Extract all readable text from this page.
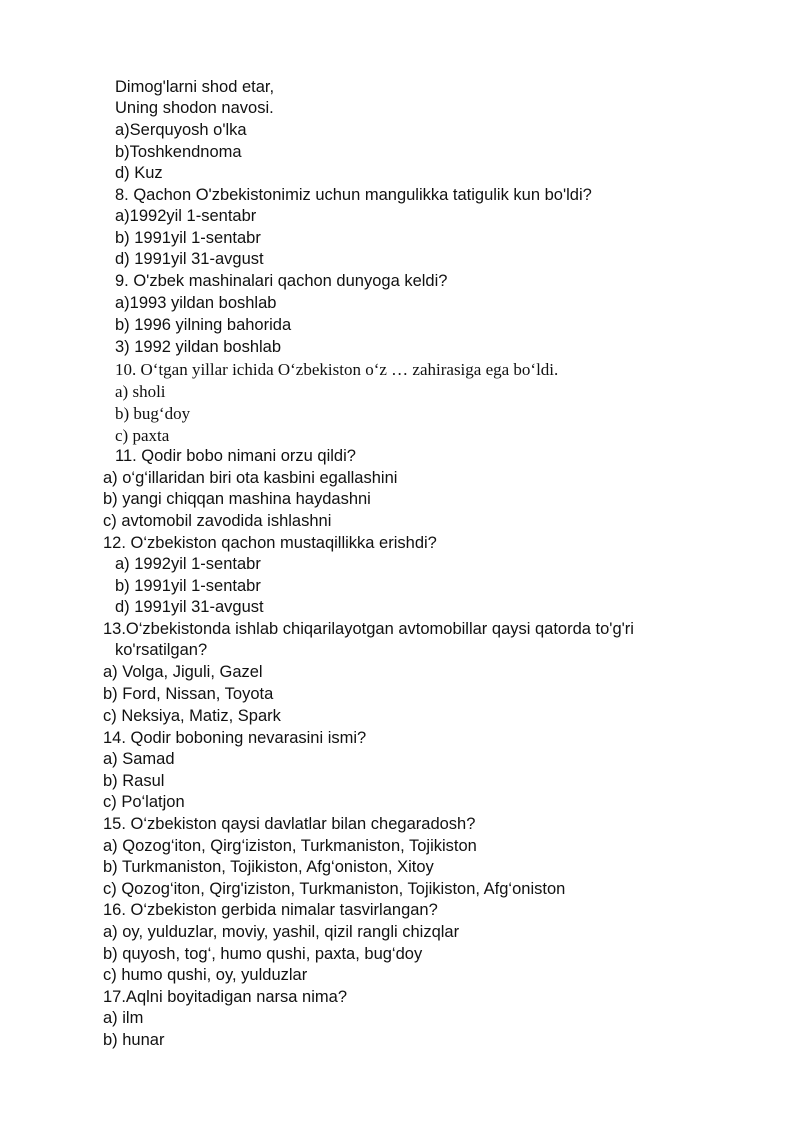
Dimog'larni shod etar,
Uning shodon navosi.
a)Serquyosh o'lka
b)Toshkendnoma
d) Kuz
8. Qachon O'zbekistonimiz uchun mangulikka tatigulik kun bo'ldi?
a)1992yil 1-sentabr
b) 1991yil 1-sentabr
d) 1991yil 31-avgust
9. O'zbek mashinalari qachon dunyoga keldi?
a)1993 yildan boshlab
b) 1996 yilning bahorida
3) 1992 yildan boshlab
10. O‘tgan yillar ichida O‘zbekiston o‘z … zahirasiga ega bo‘ldi.
a) sholi
b) bug‘doy
c) paxta
11. Qodir bobo nimani orzu qildi?
a) o‘g‘illaridan biri ota kasbini egallashini
b) yangi chiqqan mashina haydashni
c) avtomobil zavodida ishlashni
12. O‘zbekiston qachon mustaqillikka erishdi?
a) 1992yil 1-sentabr
b) 1991yil 1-sentabr
d) 1991yil 31-avgust
13.O‘zbekistonda ishlab chiqarilayotgan avtomobillar qaysi qatorda to'g'ri
ko'rsatilgan?
a) Volga, Jiguli, Gazel
b) Ford, Nissan, Toyota
c) Neksiya, Matiz, Spark
14. Qodir boboning nevarasini ismi?
a) Samad
b) Rasul
c) Po‘latjon
15. O‘zbekiston qaysi davlatlar bilan chegaradosh?
a) Qozog‘iton, Qirg‘iziston, Turkmaniston, Tojikiston
b) Turkmaniston, Tojikiston, Afg‘oniston, Xitoy
c) Qozog‘iton, Qirg'iziston, Turkmaniston, Tojikiston, Afg‘oniston
16. O‘zbekiston gerbida nimalar tasvirlangan?
a) oy, yulduzlar, moviy, yashil, qizil rangli chizqlar
b) quyosh, tog‘, humo qushi, paxta, bug‘doy
c) humo qushi, oy, yulduzlar
17.Aqlni boyitadigan narsa nima?
a) ilm
b) hunar
